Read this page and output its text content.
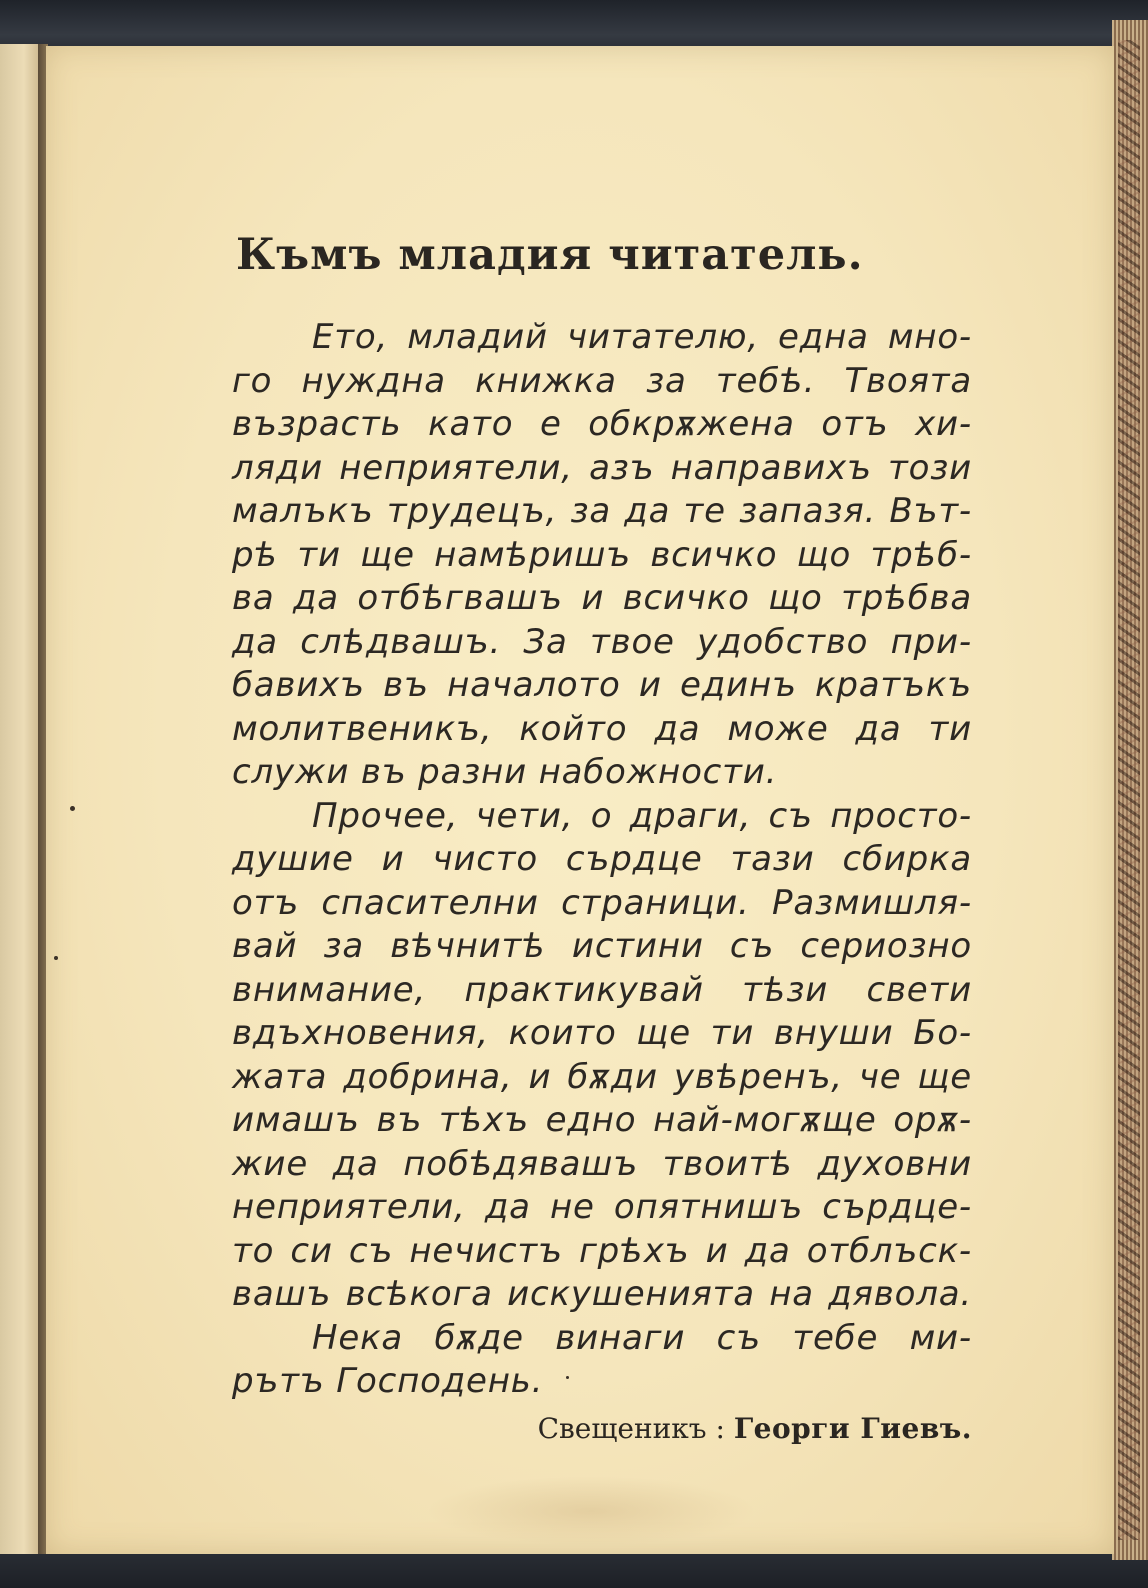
Къмъ младия читатель.
Ето, младий читателю, една мно-
го нуждна книжка за тебѣ. Твоята
възрасть като е обкрѫжена отъ хи-
ляди неприятели, азъ направихъ този
малъкъ трудецъ, за да те запазя. Вът-
рѣ ти ще намѣришъ всичко що трѣб-
ва да отбѣгвашъ и всичко що трѣбва
да слѣдвашъ. За твое удобство при-
бавихъ въ началото и единъ кратъкъ
молитвеникъ, който да може да ти
служи въ разни набожности.
Прочее, чети, о драги, съ просто-
душие и чисто сърдце тази сбирка
отъ спасителни страници. Размишля-
вай за вѣчнитѣ истини съ сериозно
внимание, практикувай тѣзи свети
вдъхновения, които ще ти внуши Бо-
жата добрина, и бѫди увѣренъ, че ще
имашъ въ тѣхъ едно най-могѫще орѫ-
жие да побѣдявашъ твоитѣ духовни
неприятели, да не опятнишъ сърдце-
то си съ нечистъ грѣхъ и да отблъск-
вашъ всѣкога искушенията на дявола.
Нека бѫде винаги съ тебе ми-
рътъ Господень.
Свещеникъ : Георги Гиевъ.
